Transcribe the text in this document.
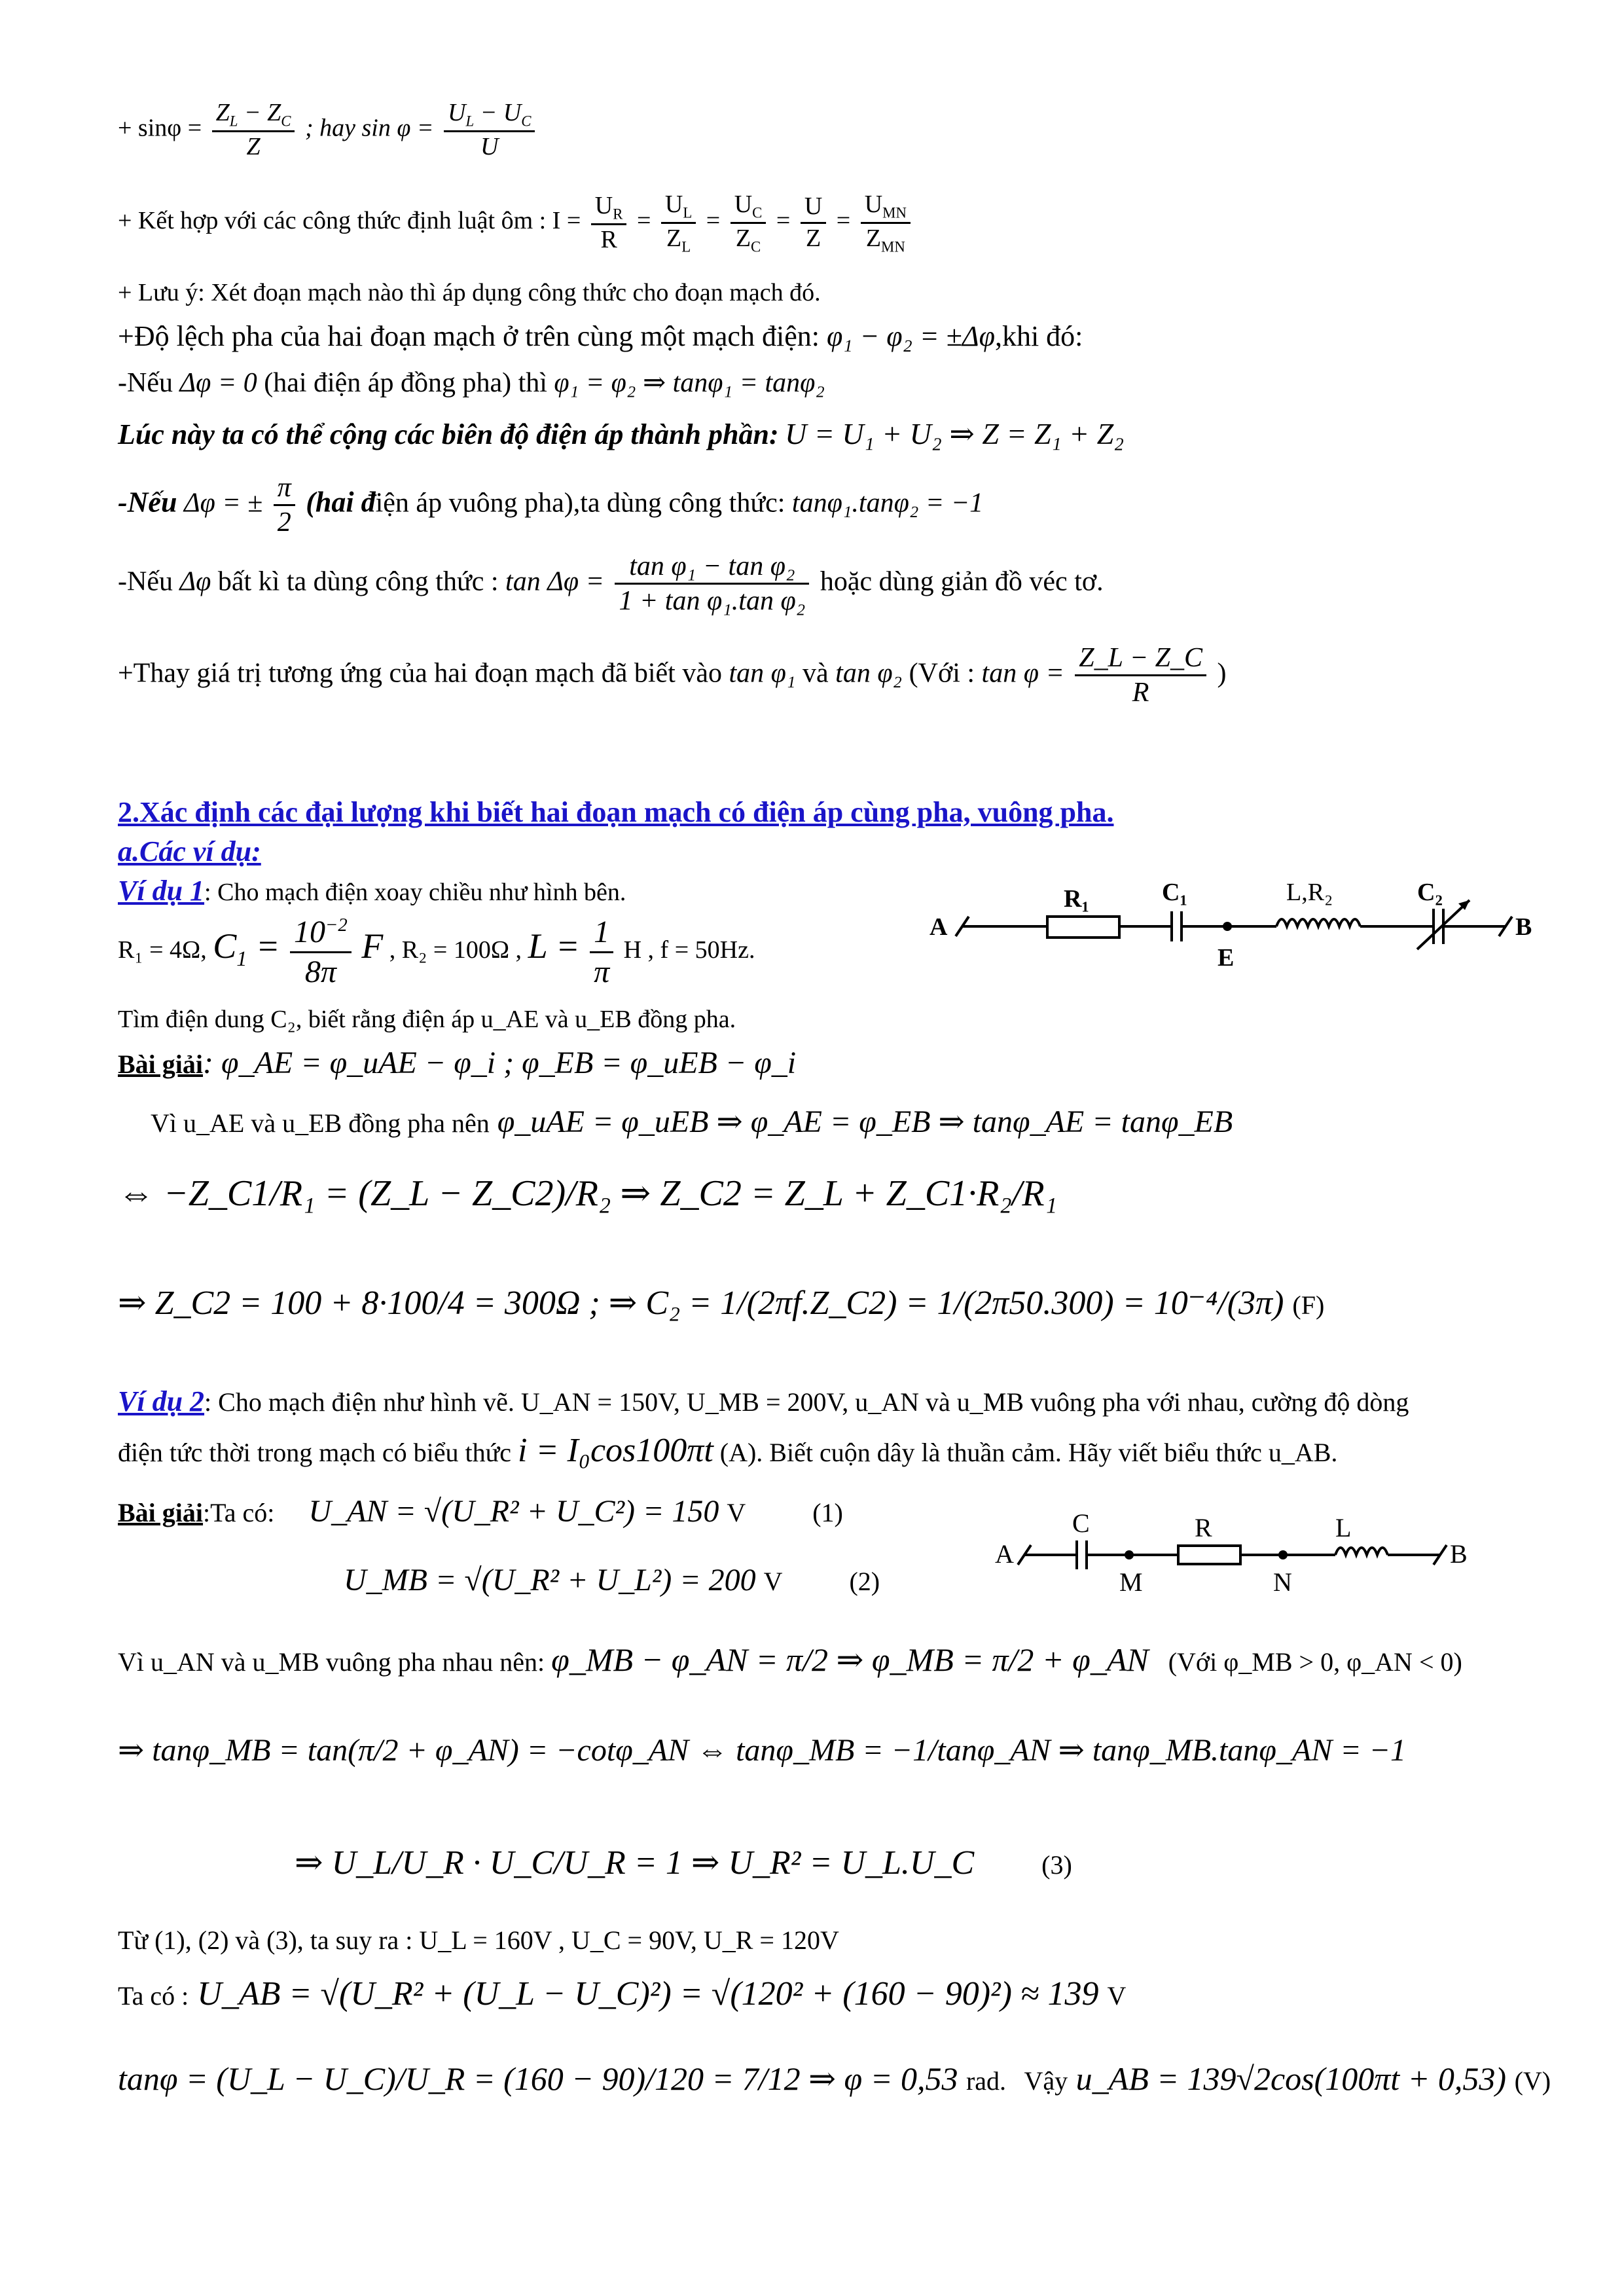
+ $\sin\varphi = \frac{Z_L - Z_C}{Z}$ ; hay $\sin \varphi = \frac{U_L - U_C}{U}$
+ Kết hợp với các công thức định luật ôm : $I = \frac{U_R}{R} = \frac{U_L}{Z_L} = \frac{U_C}{Z_C} = \frac{U}{Z} = \frac{U_{MN}}{Z_{MN}}$
+ Lưu ý: Xét đoạn mạch nào thì áp dụng công thức cho đoạn mạch đó.
+Độ lệch pha của hai đoạn mạch ở trên cùng một mạch điện: φ₁ − φ₂ = ±Δφ,khi đó:
-Nếu Δφ = 0 (hai điện áp đồng pha) thì φ₁ = φ₂ ⇒ tanφ₁ = tanφ₂
Lúc này ta có thể cộng các biên độ điện áp thành phần: U = U₁ + U₂ ⇒ Z = Z₁ + Z₂
-Nếu Δφ = ± $\frac{\pi}{2} (hai$ điện áp vuông pha),ta dùng công thức: tanφ₁.tanφ₂ = −1
-Nếu Δφ bất kì ta dùng công thức : $\tan \Delta\varphi = \frac{\text{tan φ₁ − tan φ₂}}{\text{1 + tan φ₁.tan φ₂}}$ hoặc dùng giản đồ véc tơ.
+Thay giá trị tương ứng của hai đoạn mạch đã biết vào tan φ₁ và tan φ₂ (Với : $\tan \varphi = \frac{Z\_L - Z\_C}{R}$ )
2.Xác định các đại lượng khi biết hai đoạn mạch có điện áp cùng pha, vuông pha.
a.Các ví dụ:
Ví dụ 1: Cho mạch điện xoay chiều như hình bên.
R₁ = 4Ω, $C_1 = \frac{10^{-2}}{8\pi}$ F , R₂ = 100Ω , $L = \frac{1}{\pi}$ H , f = 50Hz.
Tìm điện dung C₂, biết rằng điện áp u_AE và u_EB đồng pha.
Bài giải: φ_AE = φ_uAE − φ_i ; φ_EB = φ_uEB − φ_i
Vì u_AE và u_EB đồng pha nên φ_uAE = φ_uEB ⇒ φ_AE = φ_EB ⇒ tanφ_AE = tanφ_EB
⇔ −Z_C1/R₁ = (Z_L − Z_C2)/R₂ ⇒ Z_C2 = Z_L + Z_C1·R₂/R₁
⇒ Z_C2 = 100 + 8·100/4 = 300Ω ; ⇒ C₂ = 1/(2πf.Z_C2) = 1/(2π50.300) = 10⁻⁴/(3π) (F)
A	B
R₁	C₁
E
C₂
L,R₂
Ví dụ 2: Cho mạch điện như hình vẽ. U_AN = 150V, U_MB = 200V, u_AN và u_MB vuông pha với nhau, cường độ dòng
điện tức thời trong mạch có biểu thức i = I₀cos100πt (A). Biết cuộn dây là thuần cảm. Hãy viết biểu thức u_AB.
Bài giải:Ta có: U_AN = √(U_R² + U_C²) = 150 V	(1)
U_MB = √(U_R² + U_L²) = 200 V	(2)
A	B
C	R	L
M	N
Vì u_AN và u_MB vuông pha nhau nên: φ_MB − φ_AN = π/2 ⇒ φ_MB = π/2 + φ_AN (Với φ_MB > 0, φ_AN < 0)
⇒ tanφ_MB = tan(π/2 + φ_AN) = −cotφ_AN ⇔ tanφ_MB = −1/tanφ_AN ⇒ tanφ_MB.tanφ_AN = −1
⇒ U_L/U_R · U_C/U_R = 1 ⇒ U_R² = U_L.U_C	(3)
Từ (1), (2) và (3), ta suy ra : U_L = 160V , U_C = 90V, U_R = 120V
Ta có : U_AB = √(U_R² + (U_L − U_C)²) = √(120² + (160 − 90)²) ≈ 139 V
tanφ = (U_L − U_C)/U_R = (160 − 90)/120 = 7/12 ⇒ φ = 0,53 rad. Vậy u_AB = 139√2cos(100πt + 0,53) (V)
